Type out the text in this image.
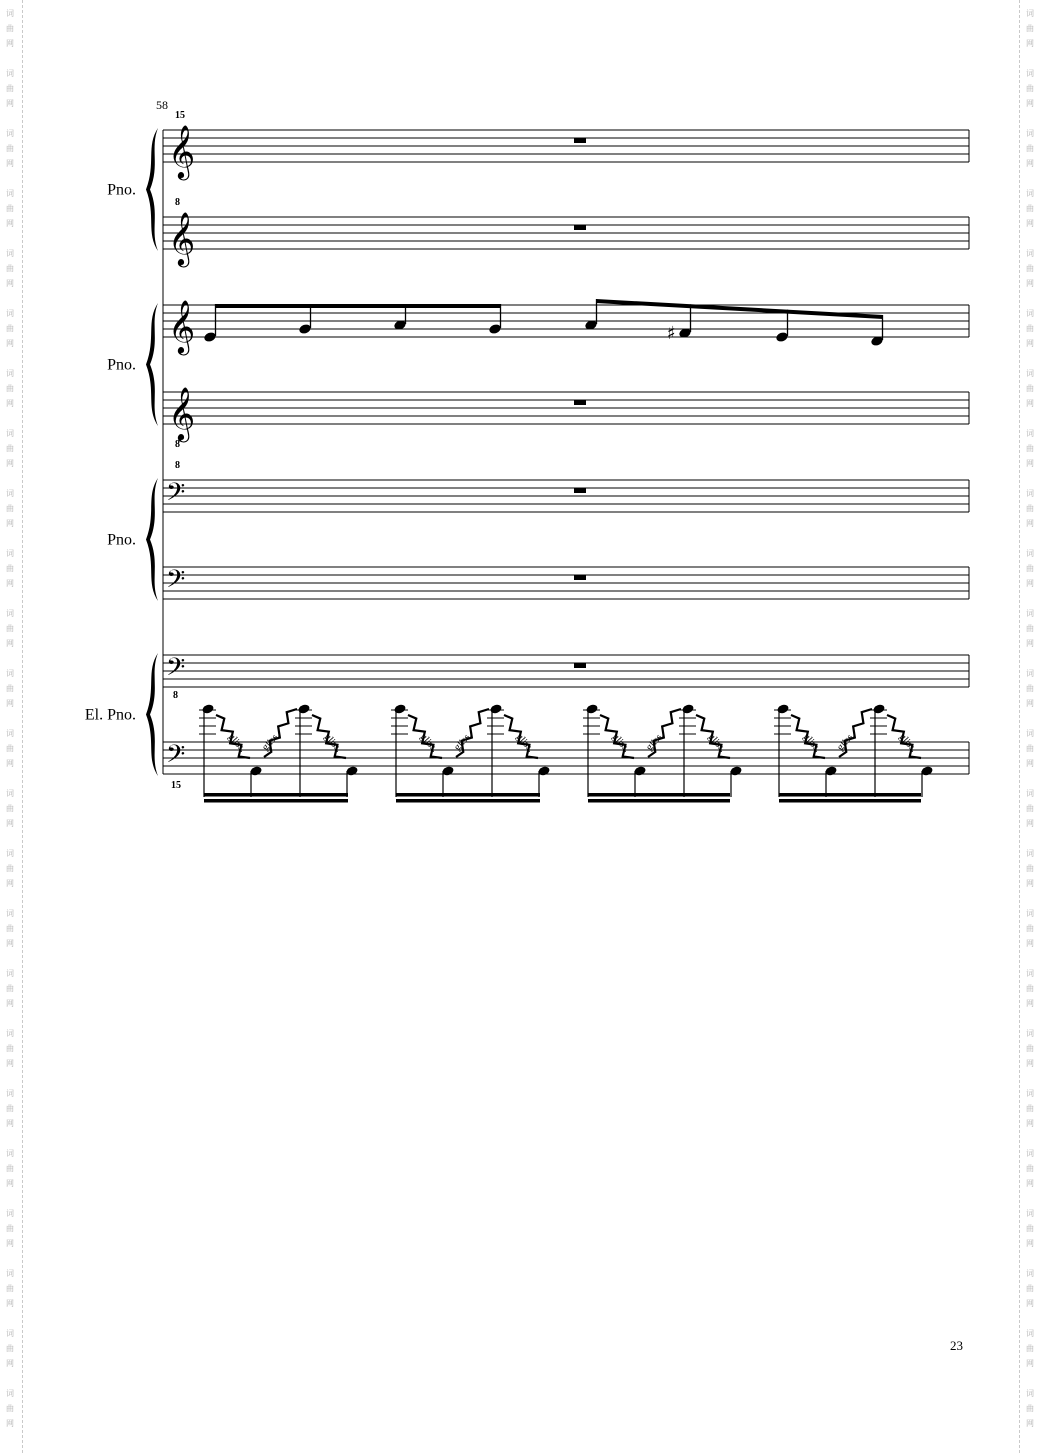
词
曲
网
词
曲
网
词
曲
网
词
曲
网
词
曲
网
词
曲
网
词
曲
网
词
曲
网
词
曲
网
词
曲
网
词
曲
网
词
曲
网
词
曲
网
词
曲
网
词
曲
网
词
曲
网
词
曲
网
词
曲
网
词
曲
网
词
曲
网
词
曲
网
词
曲
网
词
曲
网
词
曲
网
词
曲
网
词
曲
网
词
曲
网
词
曲
网
词
曲
网
词
曲
网
词
曲
网
词
曲
网
词
曲
网
词
曲
网
词
曲
网
词
曲
网
词
曲
网
词
曲
网
词
曲
网
词
曲
网
词
曲
网
词
曲
网
词
曲
网
词
曲
网
词
曲
网
词
曲
网
词
曲
网
词
曲
网
𝄞
15
𝄞
8
𝄞
𝄞
8
𝄢
8
𝄢
𝄢
𝄢
8
15
♯
gliss. gliss.	gliss.	gliss. gliss.	gliss.	gliss. gliss.	gliss.	gliss. gliss.	gliss.
Pno.
Pno.
Pno.
El. Pno.
58
23
